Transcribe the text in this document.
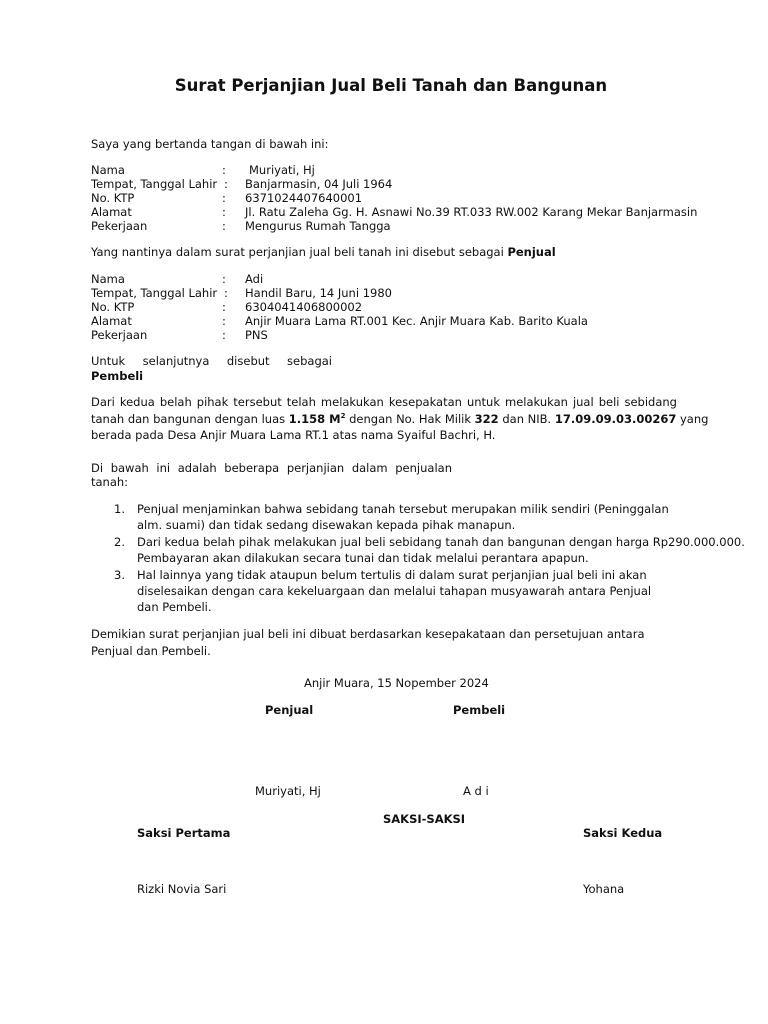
Surat Perjanjian Jual Beli Tanah dan Bangunan
Saya yang bertanda tangan di bawah ini:
Nama	: Muriyati, Hj
Tempat, Tanggal Lahir : Banjarmasin, 04 Juli 1964
No. KTP	: 6371024407640001
Alamat	: Jl. Ratu Zaleha Gg. H. Asnawi No.39 RT.033 RW.002 Karang Mekar Banjarmasin
Pekerjaan	: Mengurus Rumah Tangga
Yang nantinya dalam surat perjanjian jual beli tanah ini disebut sebagai Penjual
Nama	: Adi
Tempat, Tanggal Lahir : Handil Baru, 14 Juni 1980
No. KTP	: 6304041406800002
Alamat	: Anjir Muara Lama RT.001 Kec. Anjir Muara Kab. Barito Kuala
Pekerjaan	: PNS
Untuk selanjutnya disebut sebagai
Pembeli
Dari kedua belah pihak tersebut telah melakukan kesepakatan untuk melakukan jual beli sebidang
tanah dan bangunan dengan luas 1.158 $M^2$ dengan No. Hak Milik 322 dan NIB. 17.09.09.03.00267 yang
berada pada Desa Anjir Muara Lama RT.1 atas nama Syaiful Bachri, H.
Di bawah ini adalah beberapa perjanjian dalam penjualan
tanah:
1. Penjual menjaminkan bahwa sebidang tanah tersebut merupakan milik sendiri (Peninggalan
alm. suami) dan tidak sedang disewakan kepada pihak manapun.
2. Dari kedua belah pihak melakukan jual beli sebidang tanah dan bangunan dengan harga Rp290.000.000.
Pembayaran akan dilakukan secara tunai dan tidak melalui perantara apapun.
3. Hal lainnya yang tidak ataupun belum tertulis di dalam surat perjanjian jual beli ini akan
diselesaikan dengan cara kekeluargaan dan melalui tahapan musyawarah antara Penjual
dan Pembeli.
Demikian surat perjanjian jual beli ini dibuat berdasarkan kesepakataan dan persetujuan antara
Penjual dan Pembeli.
Anjir Muara, 15 Nopember 2024
Penjual	Pembeli
Muriyati, Hj	A d i
SAKSI-SAKSI
Saksi Pertama	Saksi Kedua
Rizki Novia Sari	Yohana
